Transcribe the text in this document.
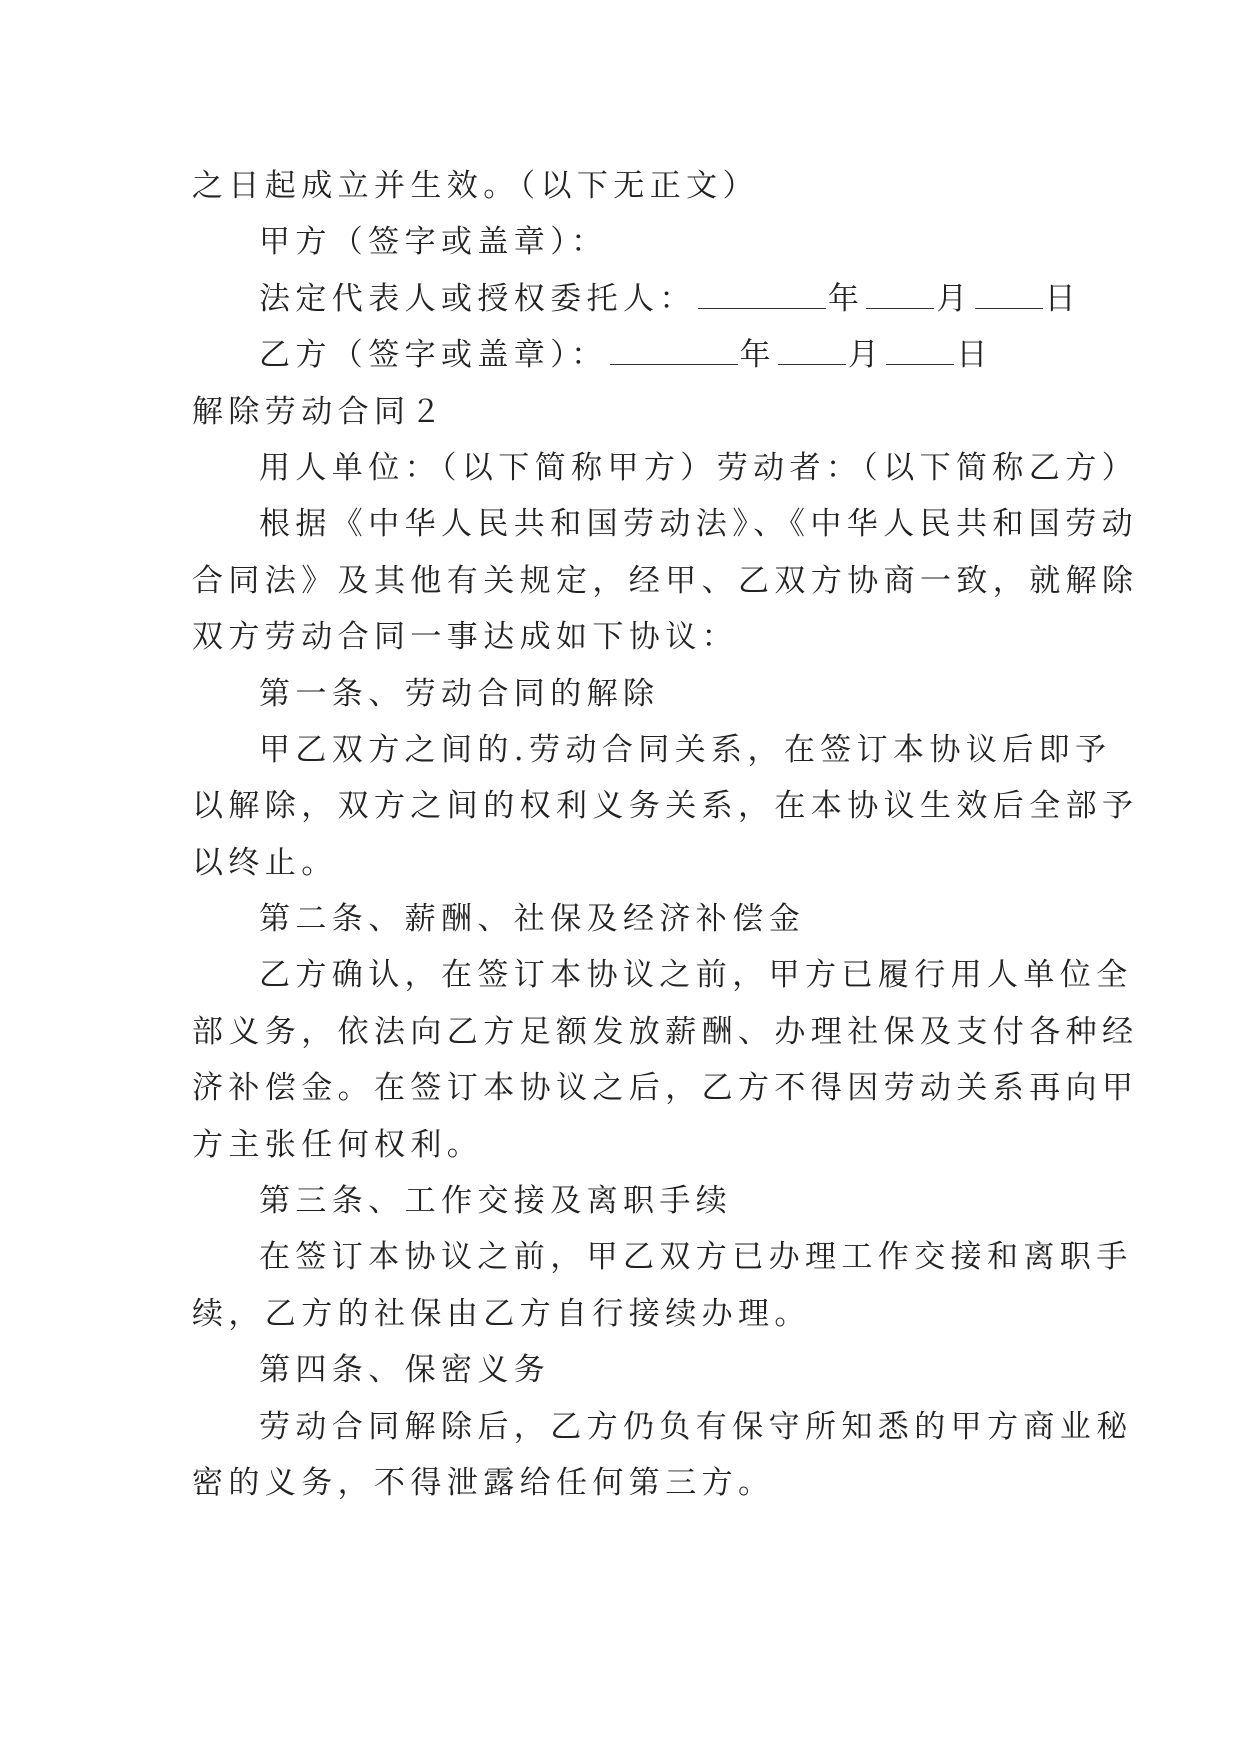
之日起成立并生效。（以下无正文）
甲方（签字或盖章）：
法定代表人或授权委托人：	年 月 日
乙方（签字或盖章）：	年 月 日
解除劳动合同２
用人单位：（以下简称甲方）劳动者：（以下简称乙方）
根据《中华人民共和国劳动法》、《中华人民共和国劳动
合同法》及其他有关规定，经甲、乙双方协商一致，就解除
双方劳动合同一事达成如下协议：
第一条、劳动合同的解除
甲乙双方之间的.劳动合同关系，在签订本协议后即予
以解除，双方之间的权利义务关系，在本协议生效后全部予
以终止。
第二条、薪酬、社保及经济补偿金
乙方确认，在签订本协议之前，甲方已履行用人单位全
部义务，依法向乙方足额发放薪酬、办理社保及支付各种经
济补偿金。在签订本协议之后，乙方不得因劳动关系再向甲
方主张任何权利。
第三条、工作交接及离职手续
在签订本协议之前，甲乙双方已办理工作交接和离职手
续，乙方的社保由乙方自行接续办理。
第四条、保密义务
劳动合同解除后，乙方仍负有保守所知悉的甲方商业秘
密的义务，不得泄露给任何第三方。
